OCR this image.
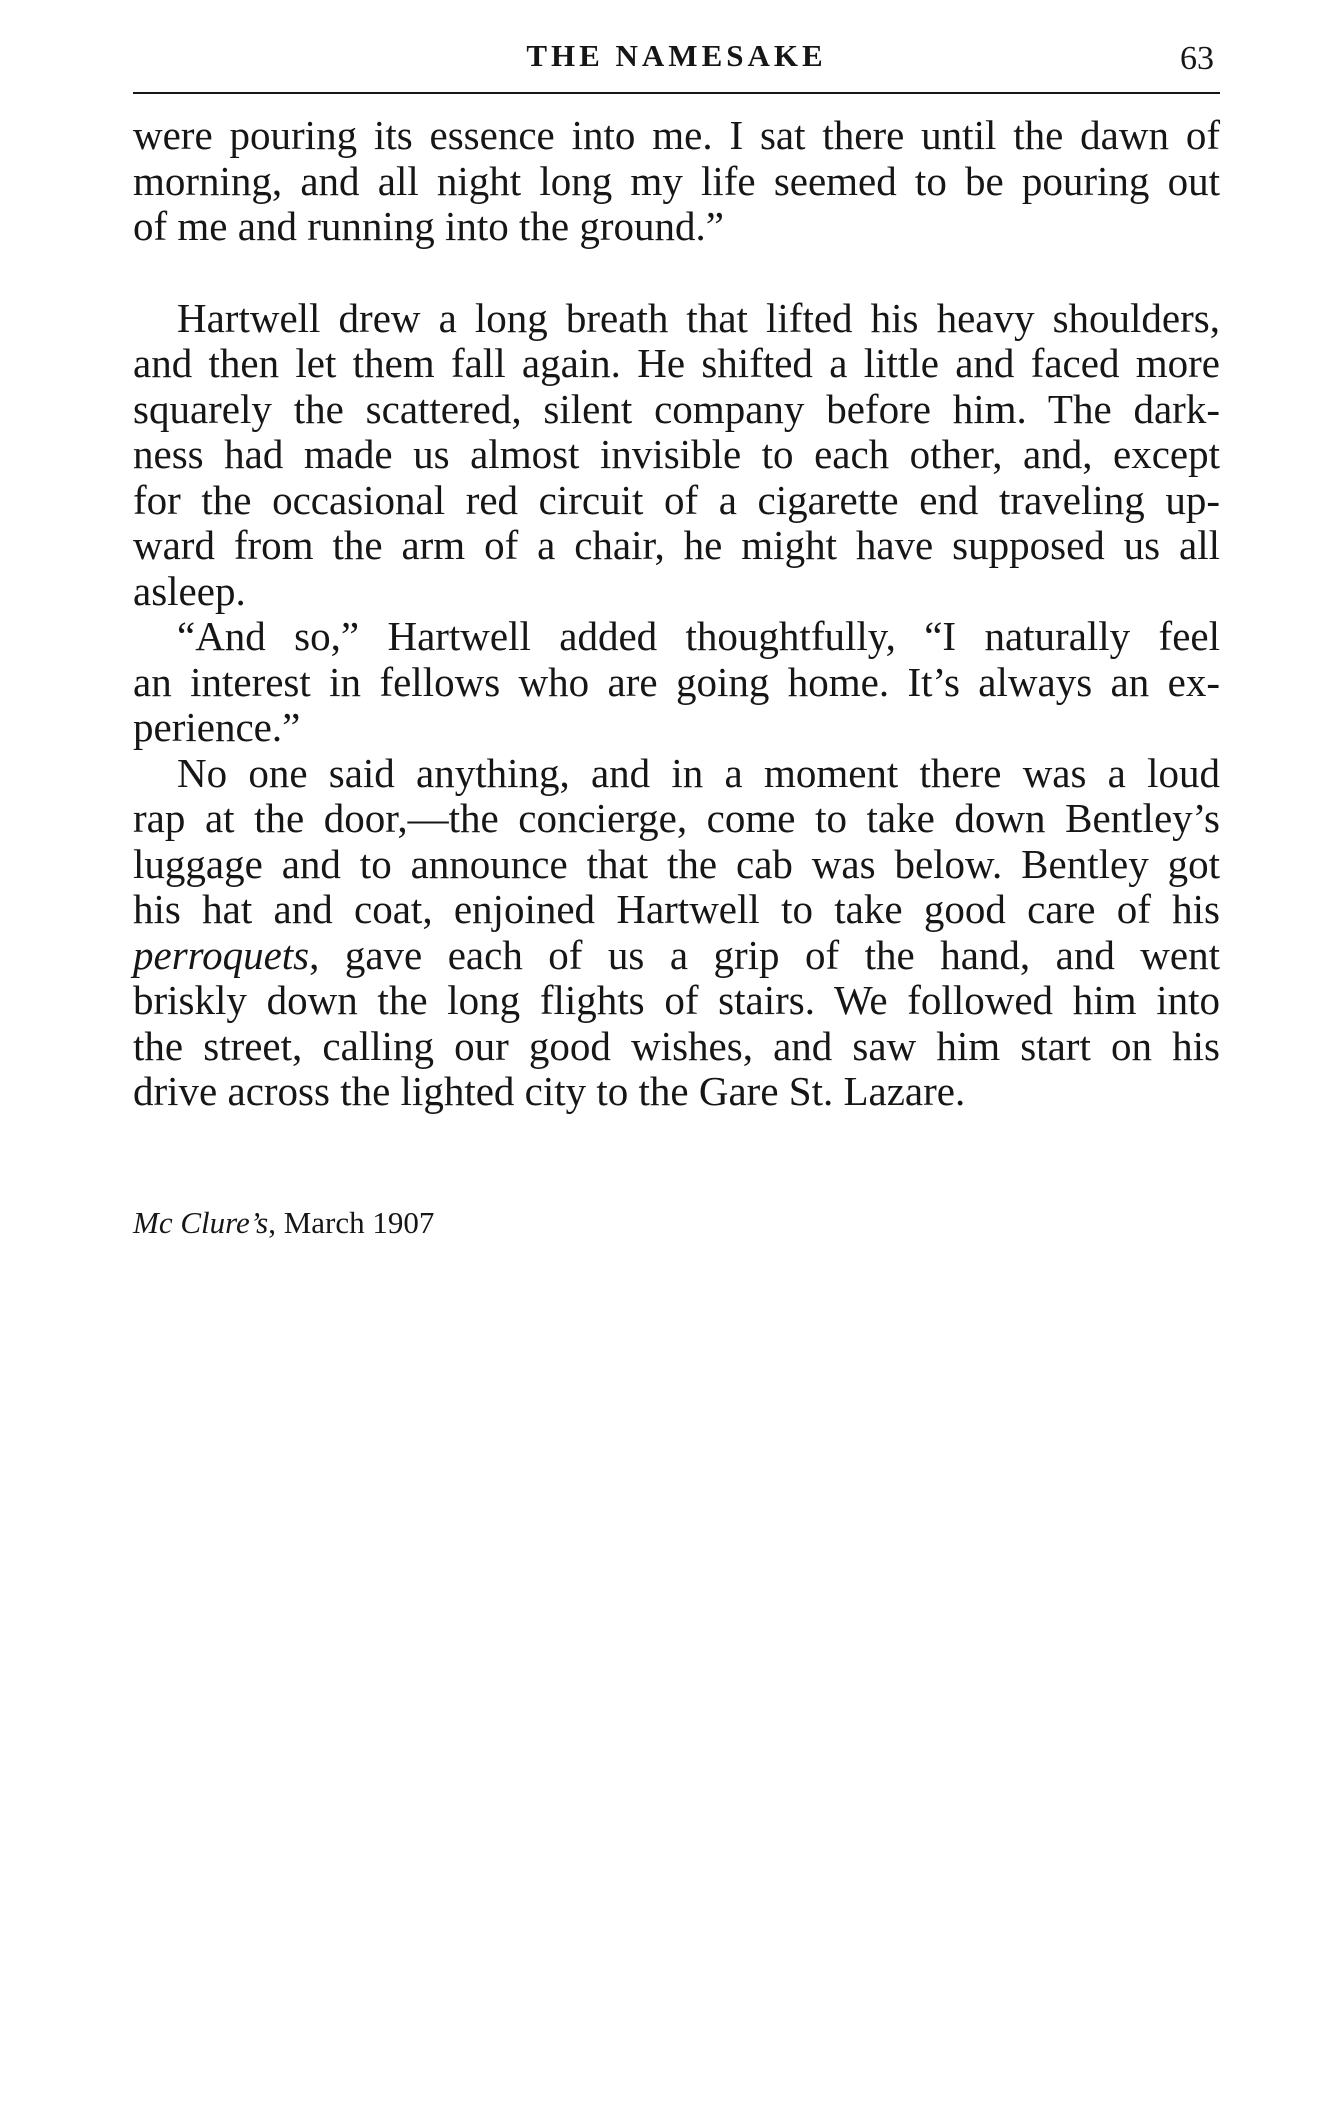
THE NAMESAKE	63
were pouring its essence into me. I sat there until the dawn of
morning, and all night long my life seemed to be pouring out
of me and running into the ground.”
Hartwell drew a long breath that lifted his heavy shoulders,
and then let them fall again. He shifted a little and faced more
squarely the scattered, silent company before him. The dark-
ness had made us almost invisible to each other, and, except
for the occasional red circuit of a cigarette end traveling up-
ward from the arm of a chair, he might have supposed us all
asleep.
“And so,” Hartwell added thoughtfully, “I naturally feel
an interest in fellows who are going home. It’s always an ex-
perience.”
No one said anything, and in a moment there was a loud
rap at the door,—the concierge, come to take down Bentley’s
luggage and to announce that the cab was below. Bentley got
his hat and coat, enjoined Hartwell to take good care of his
perroquets, gave each of us a grip of the hand, and went
briskly down the long flights of stairs. We followed him into
the street, calling our good wishes, and saw him start on his
drive across the lighted city to the Gare St. Lazare.
Mc Clure’s, March 1907
